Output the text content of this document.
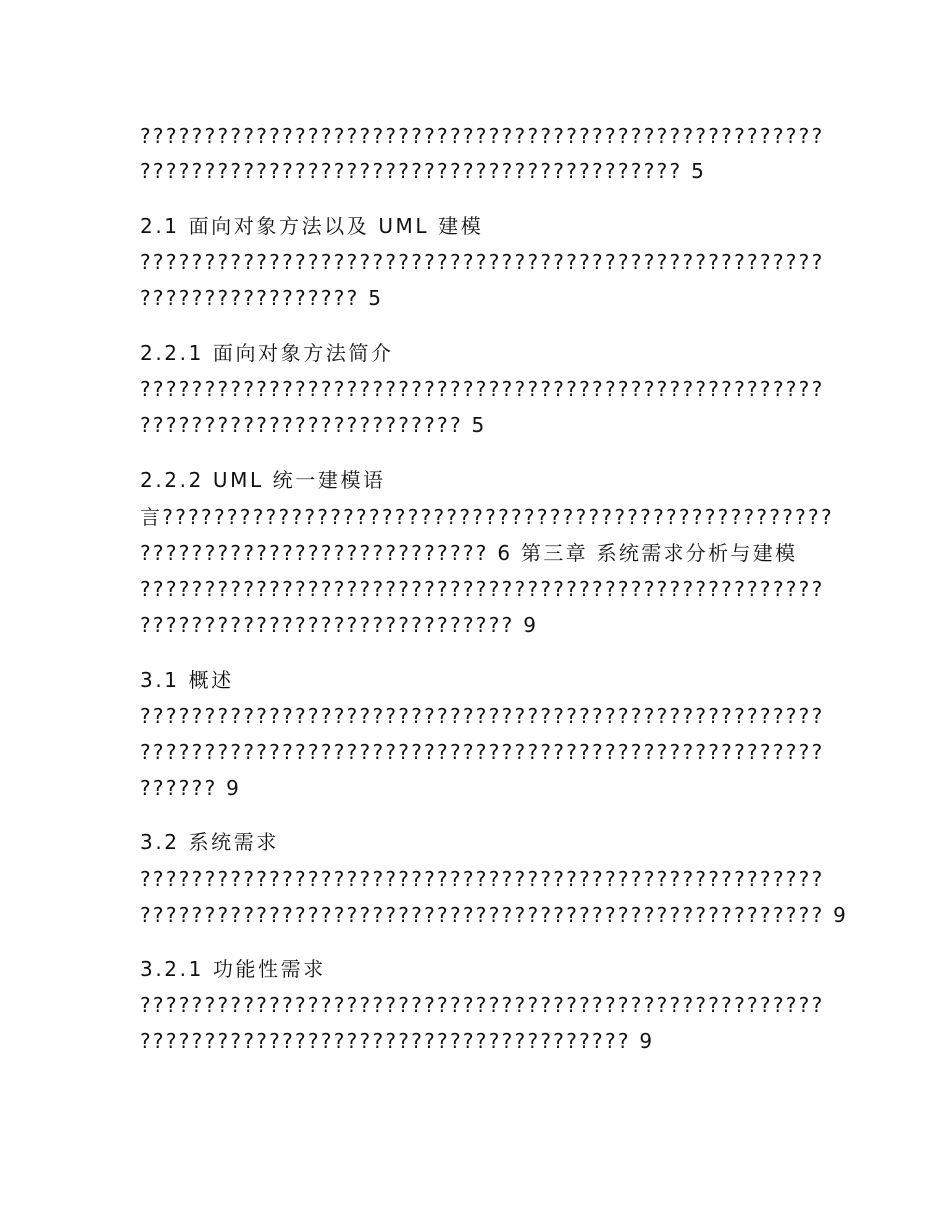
?????????????????????????????????????????????????????
?????????????????????????????????????????? 5
2.1 面向对象方法以及 UML 建模
?????????????????????????????????????????????????????
????????????????? 5
2.2.1 面向对象方法简介
?????????????????????????????????????????????????????
????????????????????????? 5
2.2.2 UML 统一建模语
言????????????????????????????????????????????????????
??????????????????????????? 6 第三章 系统需求分析与建模
?????????????????????????????????????????????????????
????????????????????????????? 9
3.1 概述
?????????????????????????????????????????????????????
?????????????????????????????????????????????????????
?????? 9
3.2 系统需求
?????????????????????????????????????????????????????
????????????????????????????????????????????????????? 9
3.2.1 功能性需求
?????????????????????????????????????????????????????
?????????????????????????????????????? 9
